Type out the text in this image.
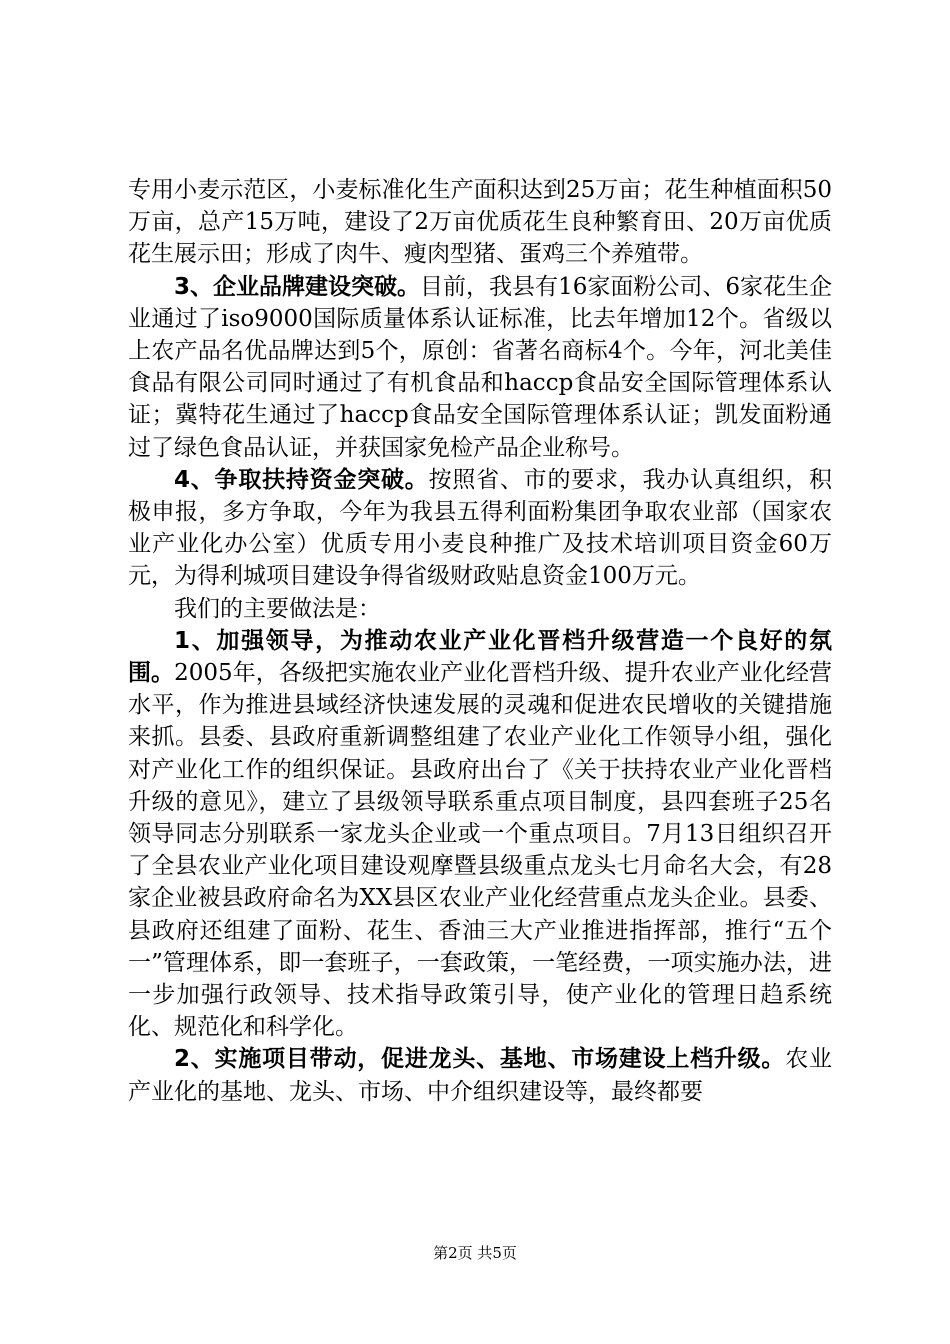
专用小麦示范区，小麦标准化生产面积达到25万亩；花生种植面积50万亩，总产15万吨，建设了2万亩优质花生良种繁育田、20万亩优质花生展示田；形成了肉牛、瘦肉型猪、蛋鸡三个养殖带。

3、企业品牌建设突破。目前，我县有16家面粉公司、6家花生企业通过了iso9000国际质量体系认证标准，比去年增加12个。省级以上农产品名优品牌达到5个，原创：省著名商标4个。今年，河北美佳食品有限公司同时通过了有机食品和haccp食品安全国际管理体系认证；冀特花生通过了haccp食品安全国际管理体系认证；凯发面粉通过了绿色食品认证，并获国家免检产品企业称号。

4、争取扶持资金突破。按照省、市的要求，我办认真组织，积极申报，多方争取，今年为我县五得利面粉集团争取农业部（国家农业产业化办公室）优质专用小麦良种推广及技术培训项目资金60万元，为得利城项目建设争得省级财政贴息资金100万元。

我们的主要做法是：

1、加强领导，为推动农业产业化晋档升级营造一个良好的氛围。2005年，各级把实施农业产业化晋档升级、提升农业产业化经营水平，作为推进县域经济快速发展的灵魂和促进农民增收的关键措施来抓。县委、县政府重新调整组建了农业产业化工作领导小组，强化对产业化工作的组织保证。县政府出台了《关于扶持农业产业化晋档升级的意见》，建立了县级领导联系重点项目制度，县四套班子25名领导同志分别联系一家龙头企业或一个重点项目。7月13日组织召开了全县农业产业化项目建设观摩暨县级重点龙头七月命名大会，有28家企业被县政府命名为XX县区农业产业化经营重点龙头企业。县委、县政府还组建了面粉、花生、香油三大产业推进指挥部，推行“五个一”管理体系，即一套班子，一套政策，一笔经费，一项实施办法，进一步加强行政领导、技术指导政策引导，使产业化的管理日趋系统化、规范化和科学化。

2、实施项目带动，促进龙头、基地、市场建设上档升级。农业产业化的基地、龙头、市场、中介组织建设等，最终都要

第2页 共5页
